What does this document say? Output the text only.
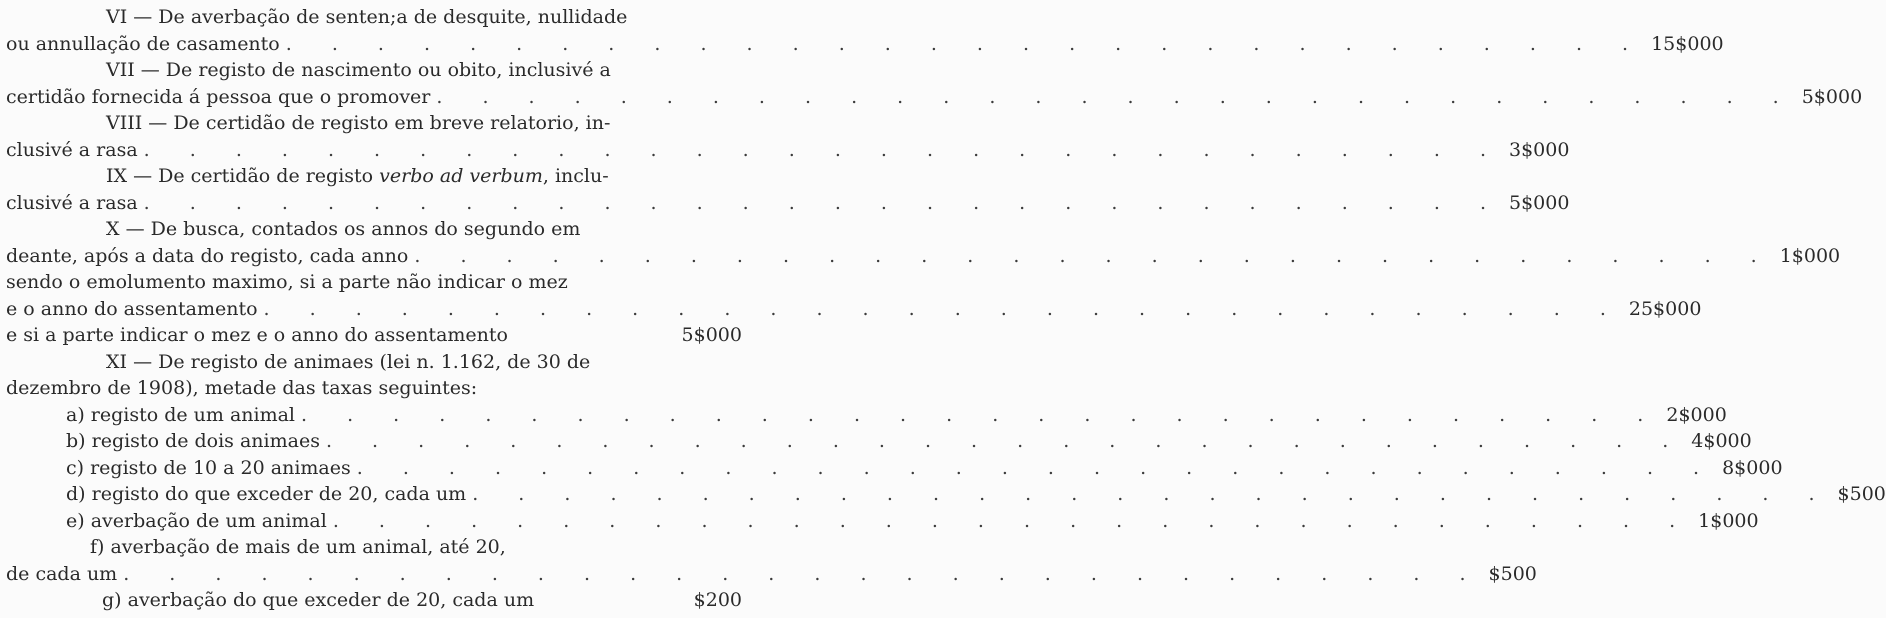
VI — De averbação de senten;a de desquite, nullidade
ou annullação de casamento . . . . . . . . . . . . . . . . . . . . . . . . . . . . . . 15$000
VII — De registo de nascimento ou obito, inclusivé a
certidão fornecida á pessoa que o promover . . . . . . . . . . . . . . . . . . . . . . . . . . . . . . 5$000
VIII — De certidão de registo em breve relatorio, in-
clusivé a rasa . . . . . . . . . . . . . . . . . . . . . . . . . . . . . . 3$000
IX — De certidão de registo
verbo ad verbum , inclu-
clusivé a rasa . . . . . . . . . . . . . . . . . . . . . . . . . . . . . . 5$000
X — De busca, contados os annos do segundo em
deante, após a data do registo, cada anno . . . . . . . . . . . . . . . . . . . . . . . . . . . . . . 1$000
sendo o emolumento maximo, si a parte não indicar o mez
e o anno do assentamento . . . . . . . . . . . . . . . . . . . . . . . . . . . . . . 25$000
e si a parte indicar o mez e o anno do assentamento	5$000
XI — De registo de animaes (lei n. 1.162, de 30 de
dezembro de 1908), metade das taxas seguintes:
a) registo de um animal . . . . . . . . . . . . . . . . . . . . . . . . . . . . . . 2$000
b) registo de dois animaes . . . . . . . . . . . . . . . . . . . . . . . . . . . . . . 4$000
c) registo de 10 a 20 animaes . . . . . . . . . . . . . . . . . . . . . . . . . . . . . . 8$000
d) registo do que exceder de 20, cada um . . . . . . . . . . . . . . . . . . . . . . . . . . . . . . $500
e) averbação de um animal . . . . . . . . . . . . . . . . . . . . . . . . . . . . . . 1$000
f) averbação de mais de um animal, até 20,
de cada um . . . . . . . . . . . . . . . . . . . . . . . . . . . . . . $500
g) averbação do que exceder de 20, cada um	$200
